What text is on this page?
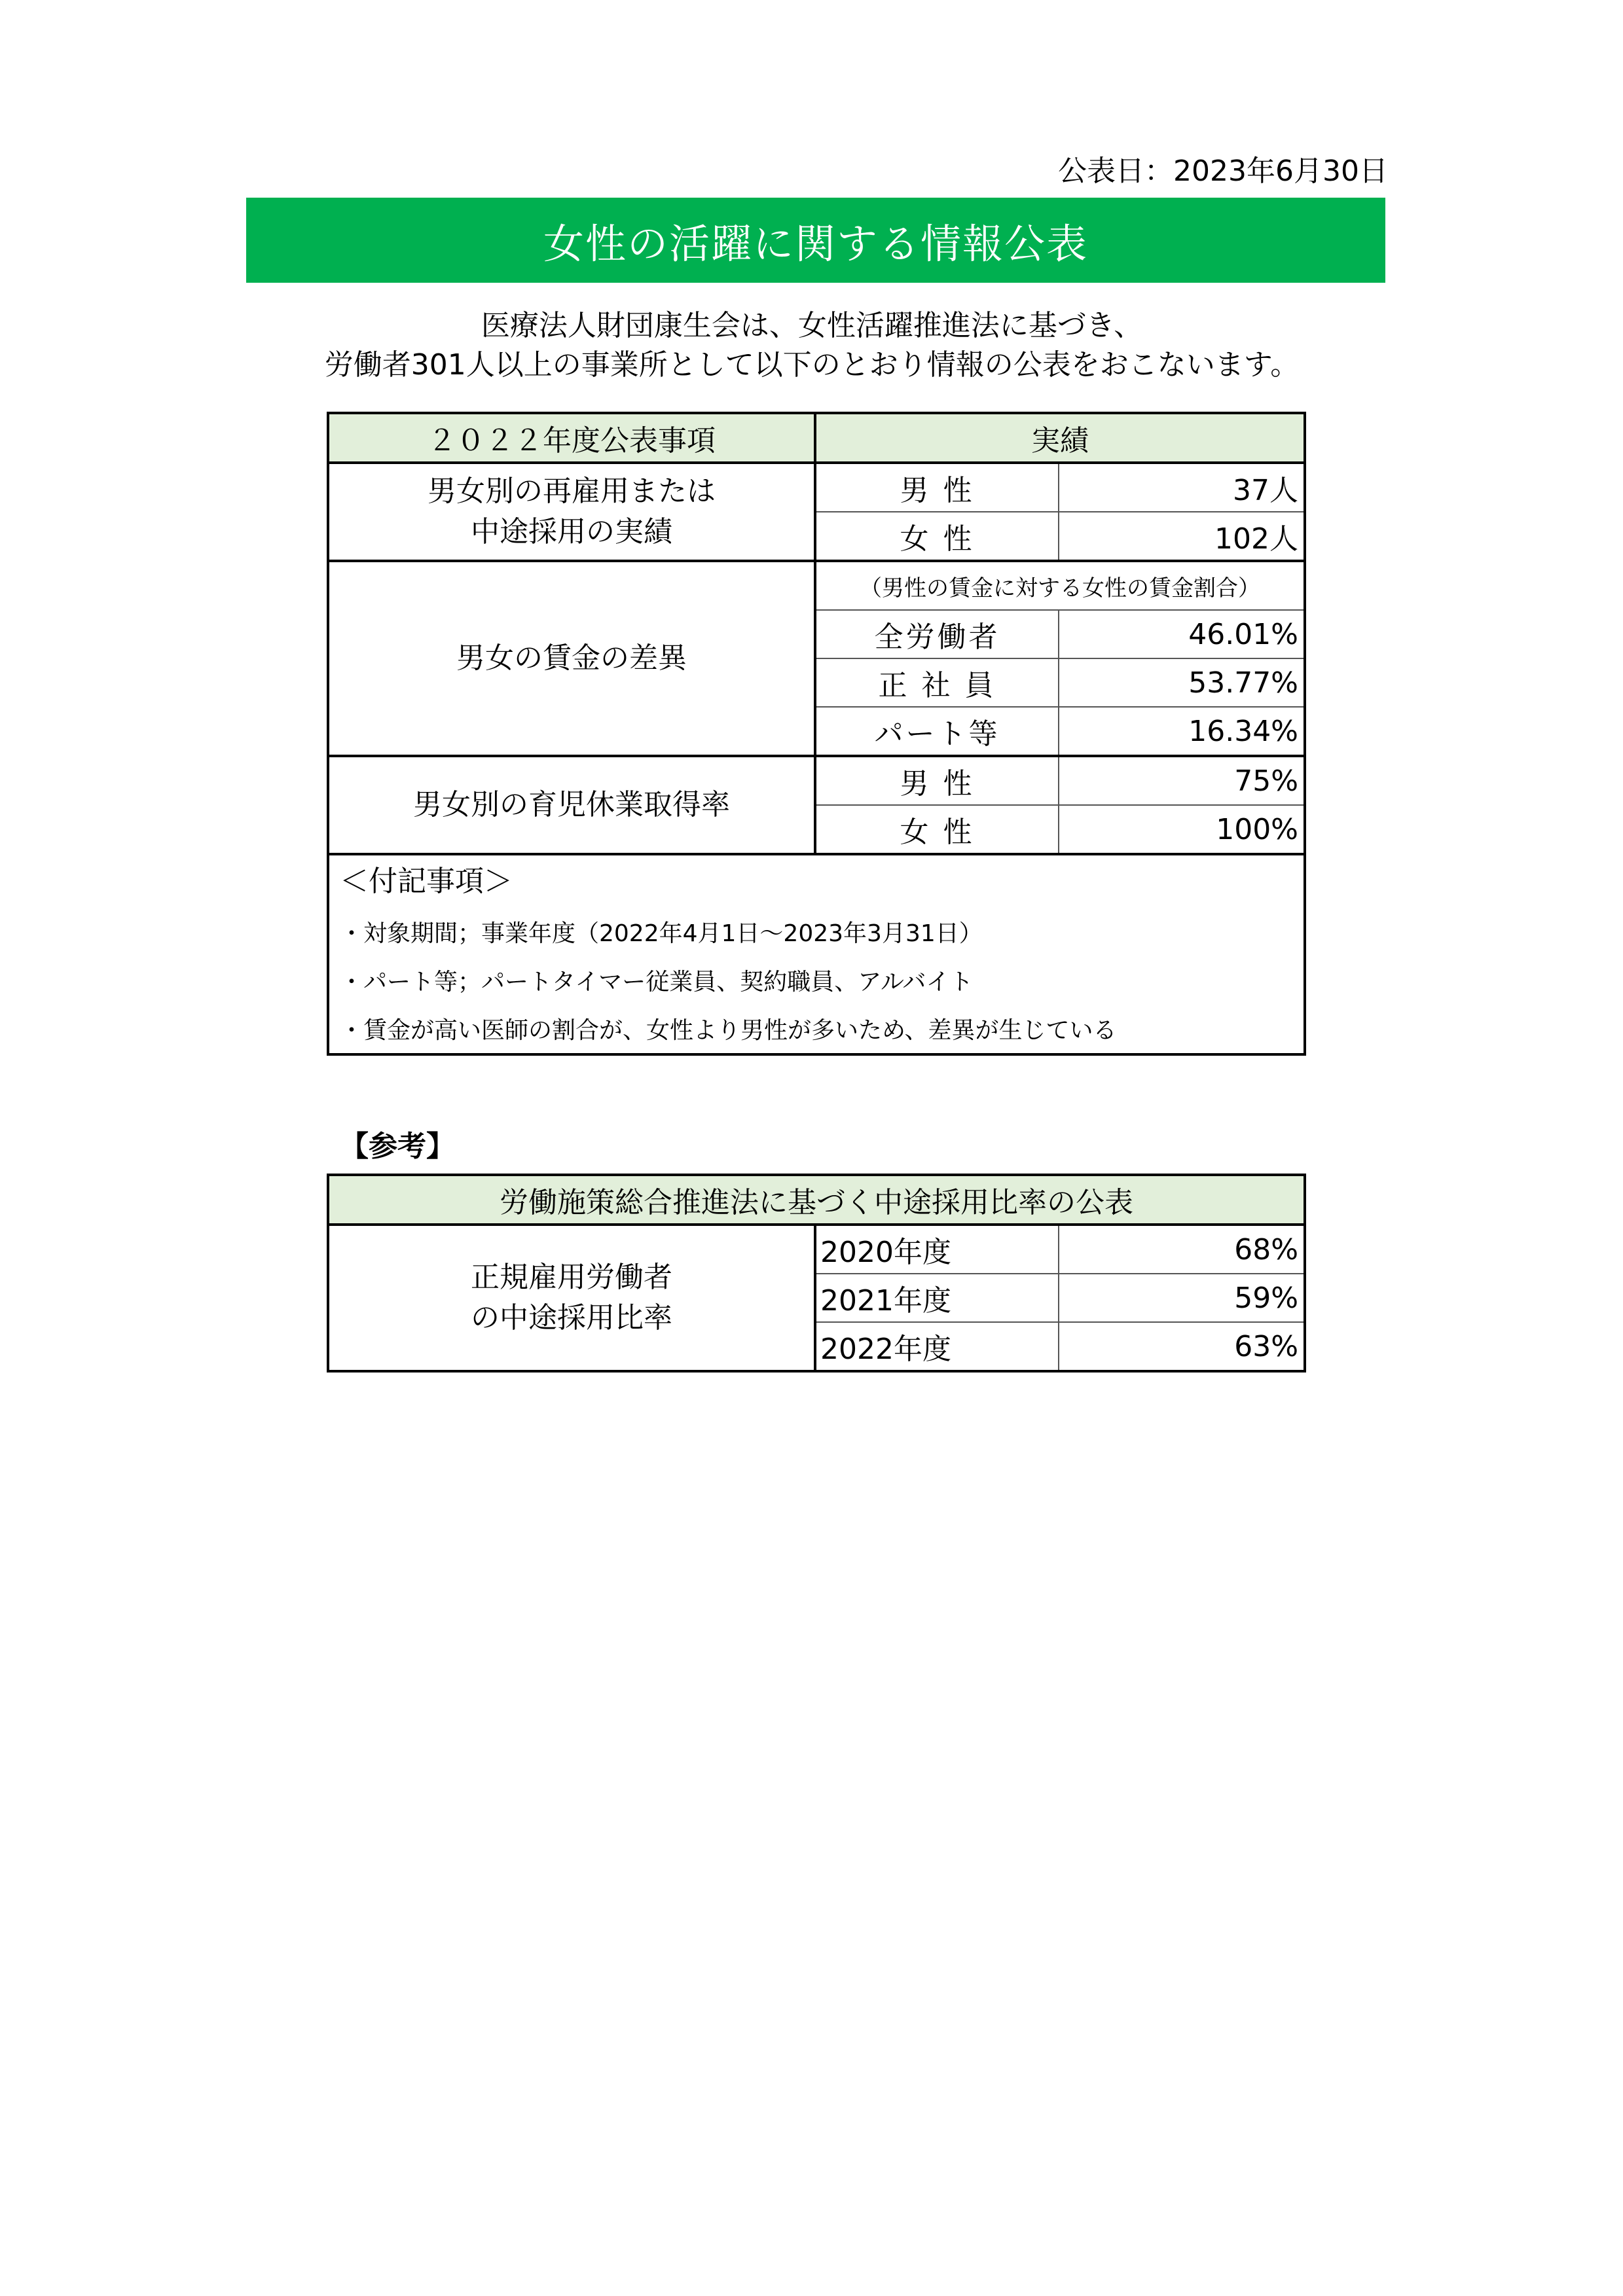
公表日：2023年6月30日
女性の活躍に関する情報公表
医療法人財団康生会は、女性活躍推進法に基づき、
労働者301人以上の事業所として以下のとおり情報の公表をおこないます。
２０２２年度公表事項	実績	

男女別の再雇用または
中途採用の実績	男 性	37人
	女 性	102人
男女の賃金の差異	（男性の賃金に対する女性の賃金割合）	
	全労働者	46.01%
	正 社 員	53.77%
	パート等	16.34%
男女別の育児休業取得率	男 性	75%
	女 性	100%

＜付記事項＞
・対象期間；事業年度（2022年4月1日～2023年3月31日）
・パート等；パートタイマー従業員、契約職員、アルバイト
・賃金が高い医師の割合が、女性より男性が多いため、差異が生じている		
【参考】
労働施策総合推進法に基づく中途採用比率の公表		

正規雇用労働者
の中途採用比率	2020年度	68%
	2021年度	59%
	2022年度	63%
